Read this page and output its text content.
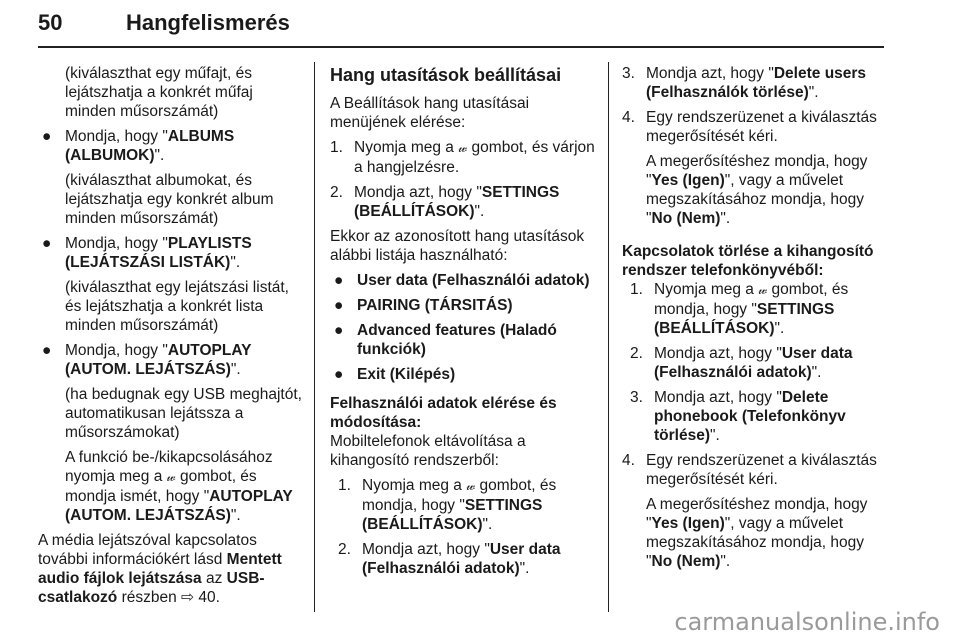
50	Hangfelismerés

(kiválaszthat egy műfajt, és lejátszhatja a konkrét műfaj minden műsorszámát)

● Mondja, hogy "ALBUMS (ALBUMOK)".

(kiválaszthat albumokat, és lejátszhatja egy konkrét album minden műsorszámát)

● Mondja, hogy "PLAYLISTS (LEJÁTSZÁSI LISTÁK)".

(kiválaszthat egy lejátszási listát, és lejátszhatja a konkrét lista minden műsorszámát)

● Mondja, hogy "AUTOPLAY (AUTOM. LEJÁTSZÁS)".

(ha bedugnak egy USB meghajtót, automatikusan lejátssza a műsorszámokat)

A funkció be-/kikapcsolásához nyomja meg a 𝓌 gombot, és mondja ismét, hogy "AUTOPLAY (AUTOM. LEJÁTSZÁS)".

A média lejátszóval kapcsolatos további információkért lásd Mentett audio fájlok lejátszása az USB-csatlakozó részben ⇨ 40.

Hang utasítások beállításai

A Beállítások hang utasításai menüjének elérése:

1. Nyomja meg a 𝓌 gombot, és várjon a hangjelzésre.
2. Mondja azt, hogy "SETTINGS (BEÁLLÍTÁSOK)".

Ekkor az azonosított hang utasítások alábbi listája használható:

● User data (Felhasználói adatok)
● PAIRING (TÁRSITÁS)
● Advanced features (Haladó funkciók)
● Exit (Kilépés)

Felhasználói adatok elérése és módosítása:

Mobiltelefonok eltávolítása a kihangosító rendszerből:

1. Nyomja meg a 𝓌 gombot, és mondja, hogy "SETTINGS (BEÁLLÍTÁSOK)".
2. Mondja azt, hogy "User data (Felhasználói adatok)".
3. Mondja azt, hogy "Delete users (Felhasználók törlése)".
4. Egy rendszerüzenet a kiválasztás megerősítését kéri.

A megerősítéshez mondja, hogy "Yes (Igen)", vagy a művelet megszakításához mondja, hogy "No (Nem)".

Kapcsolatok törlése a kihangosító rendszer telefonkönyvéből:

1. Nyomja meg a 𝓌 gombot, és mondja, hogy "SETTINGS (BEÁLLÍTÁSOK)".
2. Mondja azt, hogy "User data (Felhasználói adatok)".
3. Mondja azt, hogy "Delete phonebook (Telefonkönyv törlése)".
4. Egy rendszerüzenet a kiválasztás megerősítését kéri.

A megerősítéshez mondja, hogy "Yes (Igen)", vagy a művelet megszakításához mondja, hogy "No (Nem)".

carmanualsonline.info
